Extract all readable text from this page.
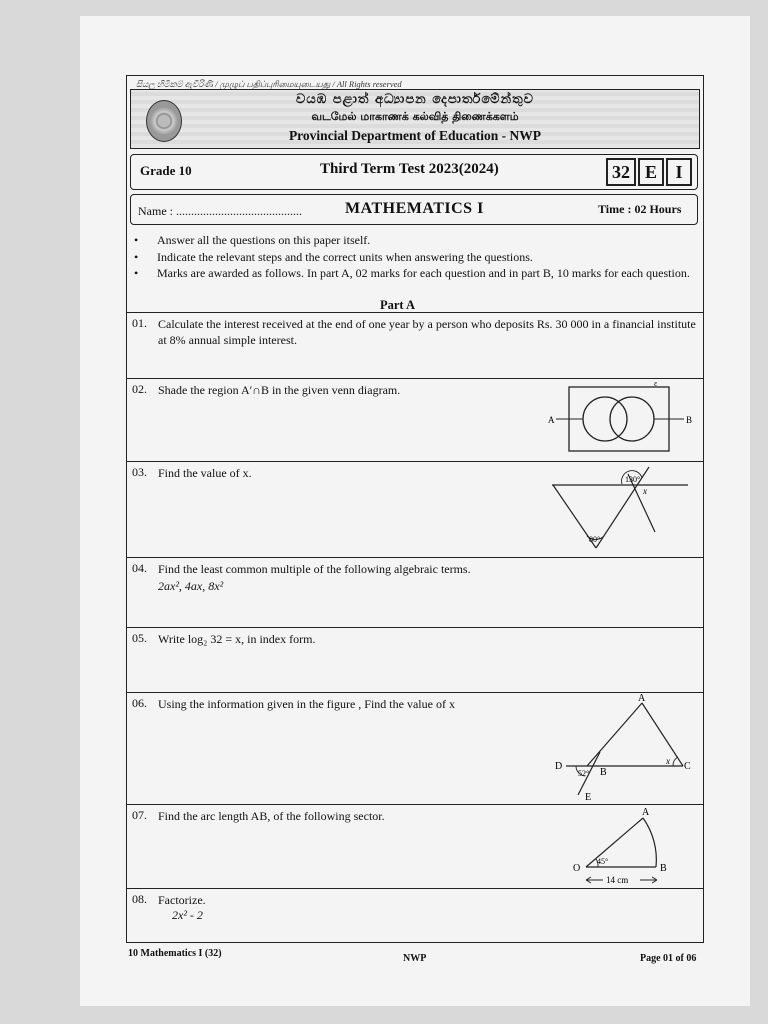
සියලු හිමිකම් ඇවිරිණි / முழுப் பதிப்புரிமையுடையது / All Rights reserved
වයඹ පළාත් අධ්‍යාපන දෙපාර්තමේන්තුව
வடமேல் மாகாணக் கல்வித் திணைக்களம்
Provincial Department of Education - NWP
Grade 10	Third Term Test 2023(2024)	32 E	I
Name : ..........................................	MATHEMATICS I	Time : 02 Hours
• Answer all the questions on this paper itself.
• Indicate the relevant steps and the correct units when answering the questions.
• Marks are awarded as follows. In part A, 02 marks for each question and in part B, 10 marks for each question.
Part A
01. Calculate the interest received at the end of one year by a person who deposits Rs. 30 000 in a financial institute at 8% annual simple interest.
02. Shade the region A′∩B in the given venn diagram.
03. Find the value of x.
04. Find the least common multiple of the following algebraic terms.
2ax², 4ax, 8x²
05. Write log₂ 32 = x, in index form.
06. Using the information given in the figure , Find the value of x
07. Find the arc length AB, of the following sector.
08. Factorize.
2x² - 2
A	B
ε
130°
x
80°
A
B
C
D
E
52°
x
A
B
O
45°
14 cm
10 Mathematics I (32)	NWP	Page 01 of 06
